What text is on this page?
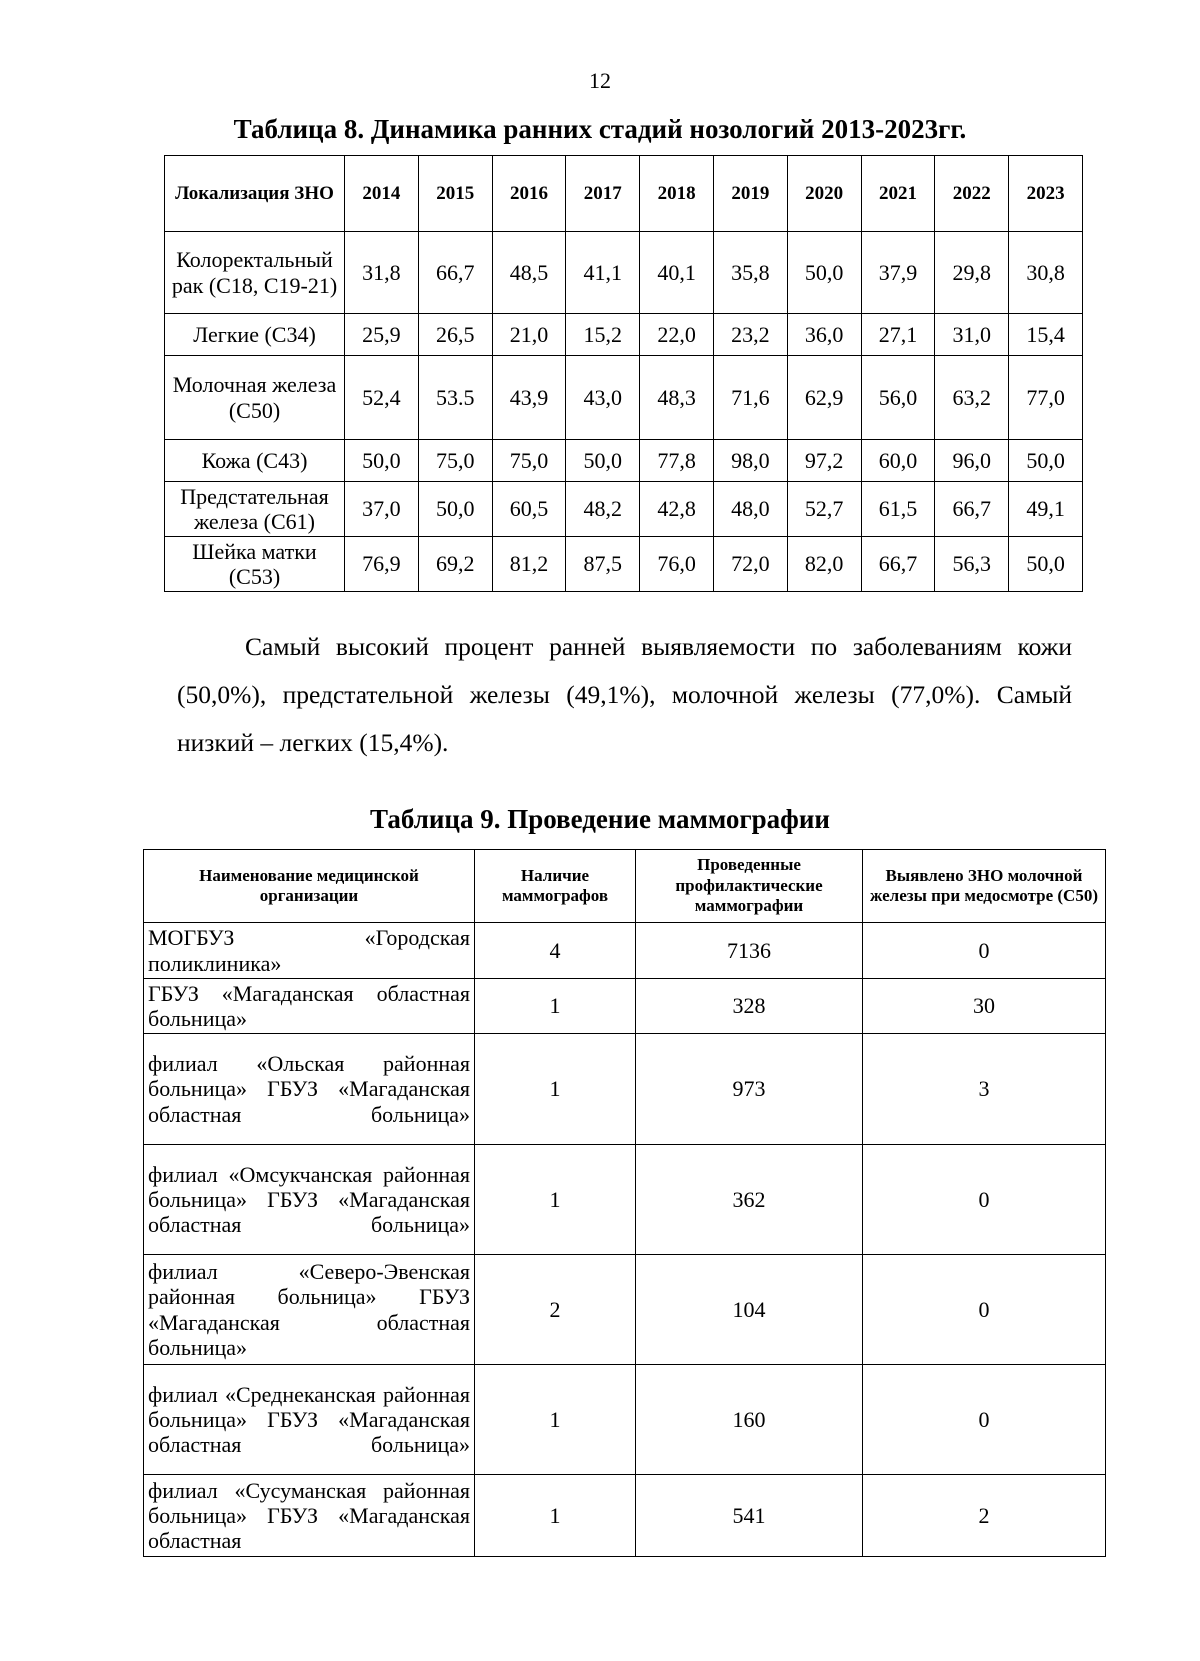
12
Таблица 8. Динамика ранних стадий нозологий 2013-2023гг.
Локализация ЗНО	2014	2015	2016	2017	2018	2019	2020	2021	2022	2023
Колоректальный рак (С18, С19-21)	31,8	66,7	48,5	41,1	40,1	35,8	50,0	37,9	29,8	30,8
Легкие (С34)	25,9	26,5	21,0	15,2	22,0	23,2	36,0	27,1	31,0	15,4
Молочная железа (С50)	52,4	53.5	43,9	43,0	48,3	71,6	62,9	56,0	63,2	77,0
Кожа (С43)	50,0	75,0	75,0	50,0	77,8	98,0	97,2	60,0	96,0	50,0
Предстательная железа (С61)	37,0	50,0	60,5	48,2	42,8	48,0	52,7	61,5	66,7	49,1
Шейка матки (С53)	76,9	69,2	81,2	87,5	76,0	72,0	82,0	66,7	56,3	50,0
Самый высокий процент ранней выявляемости по заболеваниям кожи (50,0%), предстательной железы (49,1%), молочной железы (77,0%). Самый низкий – легких (15,4%).
Таблица 9. Проведение маммографии
Наименование медицинской организации	Наличие маммографов	Проведенные профилактические маммографии	Выявлено ЗНО молочной железы при медосмотре (С50)
МОГБУЗ «Городская поликлиника»	4	7136	0
ГБУЗ «Магаданская областная больница»	1	328	30
филиал «Ольская районная больница» ГБУЗ «Магаданская областная больница»	1	973	3
филиал «Омсукчанская районная больница» ГБУЗ «Магаданская областная больница»	1	362	0
филиал «Северо-Эвенская районная больница» ГБУЗ «Магаданская областная больница»	2	104	0
филиал «Среднеканская районная больница» ГБУЗ «Магаданская областная больница»	1	160	0
филиал «Сусуманская районная больница» ГБУЗ «Магаданская областная	1	541	2
